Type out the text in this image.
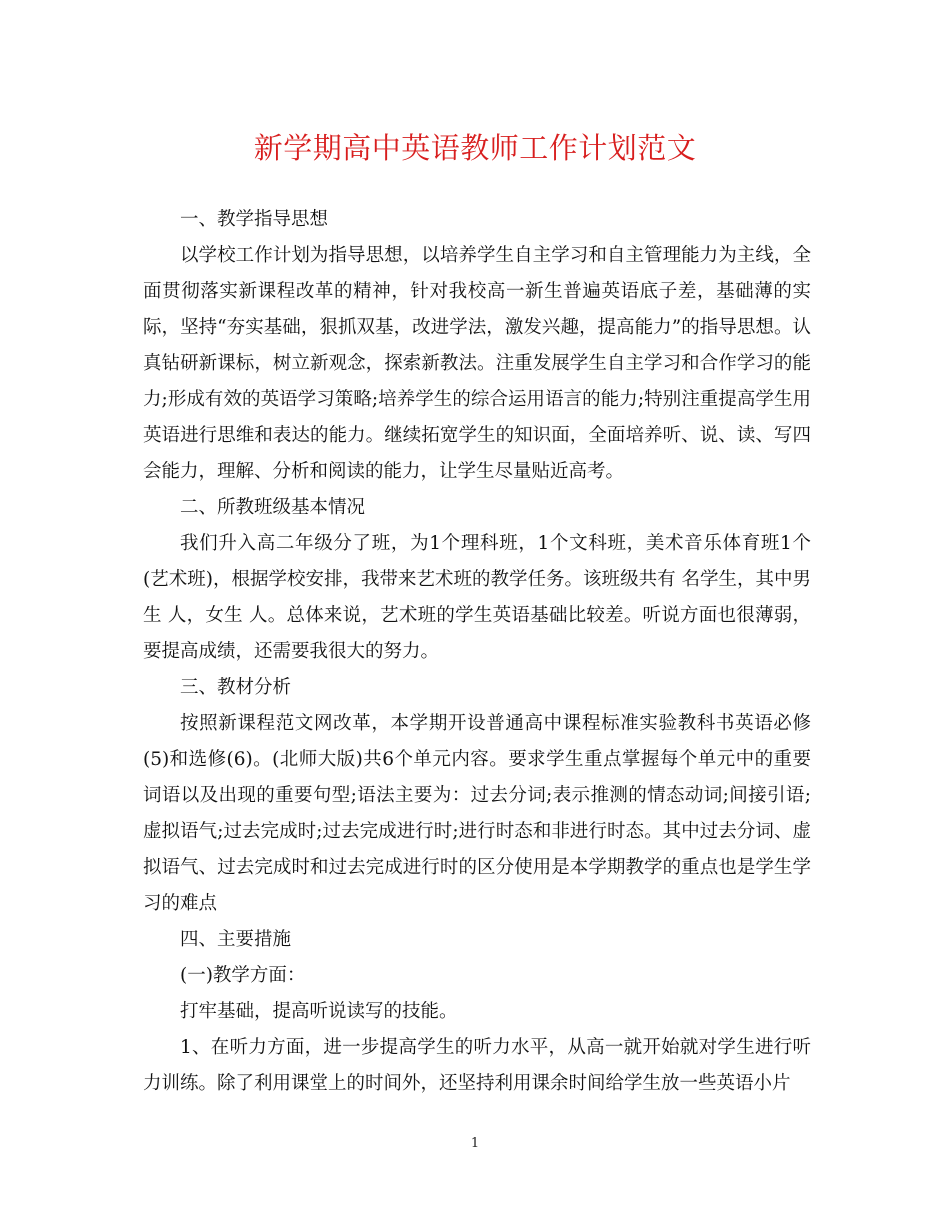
新学期高中英语教师工作计划范文

一、教学指导思想

以学校工作计划为指导思想，以培养学生自主学习和自主管理能力为主线，全面贯彻落实新课程改革的精神，针对我校高一新生普遍英语底子差，基础薄的实际，坚持“夯实基础，狠抓双基，改进学法，激发兴趣，提高能力”的指导思想。认真钻研新课标，树立新观念，探索新教法。注重发展学生自主学习和合作学习的能力;形成有效的英语学习策略;培养学生的综合运用语言的能力;特别注重提高学生用英语进行思维和表达的能力。继续拓宽学生的知识面，全面培养听、说、读、写四会能力，理解、分析和阅读的能力，让学生尽量贴近高考。

二、所教班级基本情况

我们升入高二年级分了班，为1个理科班，1个文科班，美术音乐体育班1个(艺术班)，根据学校安排，我带来艺术班的教学任务。该班级共有 名学生，其中男生 人，女生 人。总体来说，艺术班的学生英语基础比较差。听说方面也很薄弱，要提高成绩，还需要我很大的努力。

三、教材分析

按照新课程范文网改革，本学期开设普通高中课程标准实验教科书英语必修(5)和选修(6)。(北师大版)共6个单元内容。要求学生重点掌握每个单元中的重要词语以及出现的重要句型;语法主要为：过去分词;表示推测的情态动词;间接引语;虚拟语气;过去完成时;过去完成进行时;进行时态和非进行时态。其中过去分词、虚拟语气、过去完成时和过去完成进行时的区分使用是本学期教学的重点也是学生学习的难点

四、主要措施

(一)教学方面：

打牢基础，提高听说读写的技能。

1、在听力方面，进一步提高学生的听力水平，从高一就开始就对学生进行听力训练。除了利用课堂上的时间外，还坚持利用课余时间给学生放一些英语小片

1
